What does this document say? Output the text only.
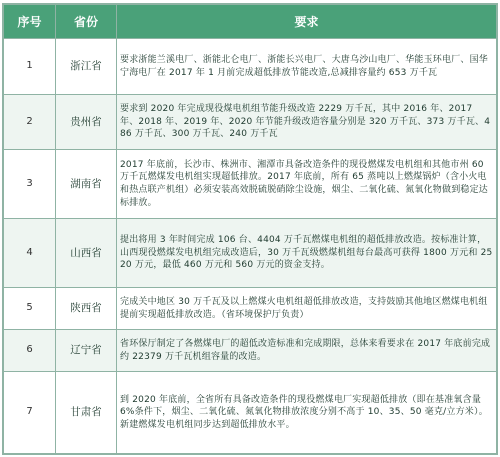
序号	省份	要求
1	浙江省	要求浙能兰溪电厂、浙能北仑电厂、浙能长兴电厂、大唐乌沙山电厂、华能玉环电厂、国华宁海电厂在 2017 年 1 月前完成超低排放节能改造,总减排容量约 653 万千瓦
2	贵州省	要求到 2020 年完成现役煤电机组节能升级改造 2229 万千瓦，其中 2016 年、2017 年、2018 年、2019 年、2020 年节能升级改造容量分别是 320 万千瓦、373 万千瓦、486 万千瓦、300 万千瓦、240 万千瓦
3	湖南省	2017 年底前，长沙市、株洲市、湘潭市具备改造条件的现役燃煤发电机组和其他市州 60 万千瓦燃煤发电机组实现超低排放。2017 年底前，所有 65 蒸吨以上燃煤锅炉（含小火电和热点联产机组）必须安装高效脱硫脱硝除尘设施，烟尘、二氧化硫、氮氧化物做到稳定达标排放。
4	山西省	提出将用 3 年时间完成 106 台、4404 万千瓦燃煤电机组的超低排放改造。按标准计算，山西现役燃煤发电机组完成改造后，30 万千瓦级燃煤机组每台最高可获得 1800 万元和 2520 万元，最低 460 万元和 560 万元的资金支持。
5	陕西省	完成关中地区 30 万千瓦及以上燃煤火电机组超低排放改造，支持鼓励其他地区燃煤电机组提前实现超低排放改造。（省环境保护厅负责）
6	辽宁省	省环保厅制定了各燃煤电厂的超低改造标准和完成期限，总体来看要求在 2017 年底前完成约 22379 万千瓦机组容量的改造。
7	甘肃省	到 2020 年底前，全省所有具备改造条件的现役燃煤电厂实现超低排放（即在基准氧含量 6%条件下，烟尘、二氧化硫、氮氧化物排放浓度分别不高于 10、35、50 毫克/立方米）。新建燃煤发电机组同步达到超低排放水平。
